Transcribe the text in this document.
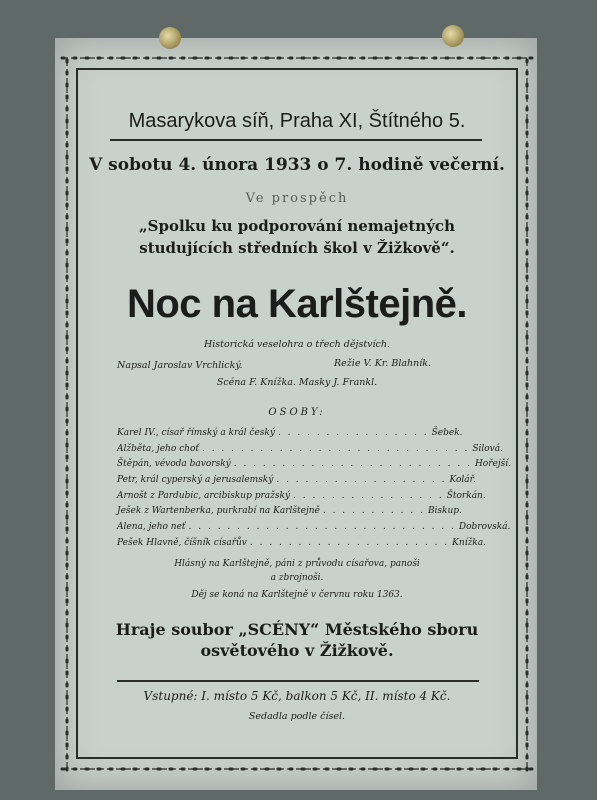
Masarykova síň, Praha XI, Štítného 5.
V sobotu 4. února 1933 o 7. hodině večerní.
Ve prospěch
„Spolku ku podporování nemajetných
studujících středních škol v Žižkově“.
Noc na Karlštejně.
Historická veselohra o třech dějstvích.
Napsal Jaroslav Vrchlický.	Režie V. Kr. Blahník.
Scéna F. Knížka. Masky J. Frankl.
OSOBY:
Karel IV., císař římský a král český . . . . . . . . . . . . . . . . Šebek.
Alžběta, jeho choť . . . . . . . . . . . . . . . . . . . . . . . . . . . . Silová.
Štěpán, vévoda bavorský . . . . . . . . . . . . . . . . . . . . . . . . . Hořejší.
Petr, král cyperský a jerusalemský . . . . . . . . . . . . . . . . . . Kolář.
Arnošt z Pardubic, arcibiskup pražský . . . . . . . . . . . . . . . . Štorkán.
Ješek z Wartenberka, purkrabí na Karlštejně . . . . . . . . . . . Biskup.
Alena, jeho neť . . . . . . . . . . . . . . . . . . . . . . . . . . . . Dobrovská.
Pešek Hlavně, číšník císařův . . . . . . . . . . . . . . . . . . . . . Knížka.
Hlásný na Karlštejně, páni z průvodu císařova, panoši
a zbrojnoši.
Děj se koná na Karlštejně v červnu roku 1363.
Hraje soubor „SCÉNY“ Městského sboru
osvětového v Žižkově.
Vstupné: I. místo 5 Kč, balkon 5 Kč, II. místo 4 Kč.
Sedadla podle čísel.
